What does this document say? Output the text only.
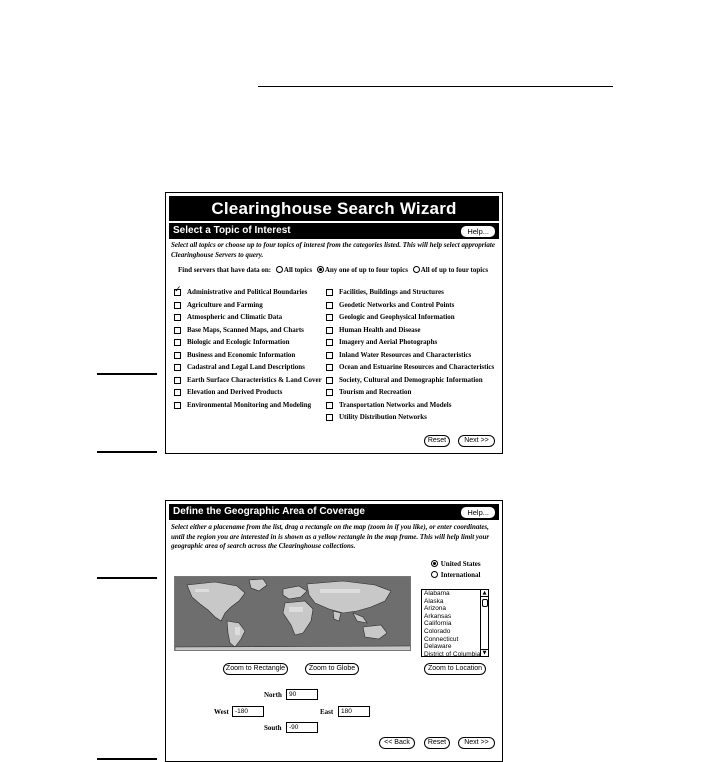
Clearinghouse Search Wizard
Select a Topic of Interest	Help...
Select all topics or choose up to four topics of interest from the categories listed. This will help select appropriate Clearinghouse Servers to query.
Find servers that have data on: All topics Any one of up to four topics All of up to four topics
✓
Administrative and Political Boundaries
Agriculture and Farming
Atmospheric and Climatic Data
Base Maps, Scanned Maps, and Charts
Biologic and Ecologic Information
Business and Economic Information
Cadastral and Legal Land Descriptions
Earth Surface Characteristics & Land Cover
Elevation and Derived Products
Environmental Monitoring and Modeling
Facilities, Buildings and Structures
Geodetic Networks and Control Points
Geologic and Geophysical Information
Human Health and Disease
Imagery and Aerial Photographs
Inland Water Resources and Characteristics
Ocean and Estuarine Resources and Characteristics
Society, Cultural and Demographic Information
Tourism and Recreation
Transportation Networks and Models
Utility Distribution Networks
Reset	Next >>
Define the Geographic Area of Coverage	Help...
Select either a placename from the list, drag a rectangle on the map (zoom in if you like), or enter coordinates, until the region you are interested in is shown as a yellow rectangle in the map frame. This will help limit your geographic area of search across the Clearinghouse collections.
United States
International
Alabama
Alaska
Arizona
Arkansas
California
Colorado
Connecticut
Delaware
District of Columbia
▲
▼
Zoom to Rectangle	Zoom to Globe	Zoom to Location
North	90
West -180	East	180
South	-90
<< Back	Reset	Next >>
